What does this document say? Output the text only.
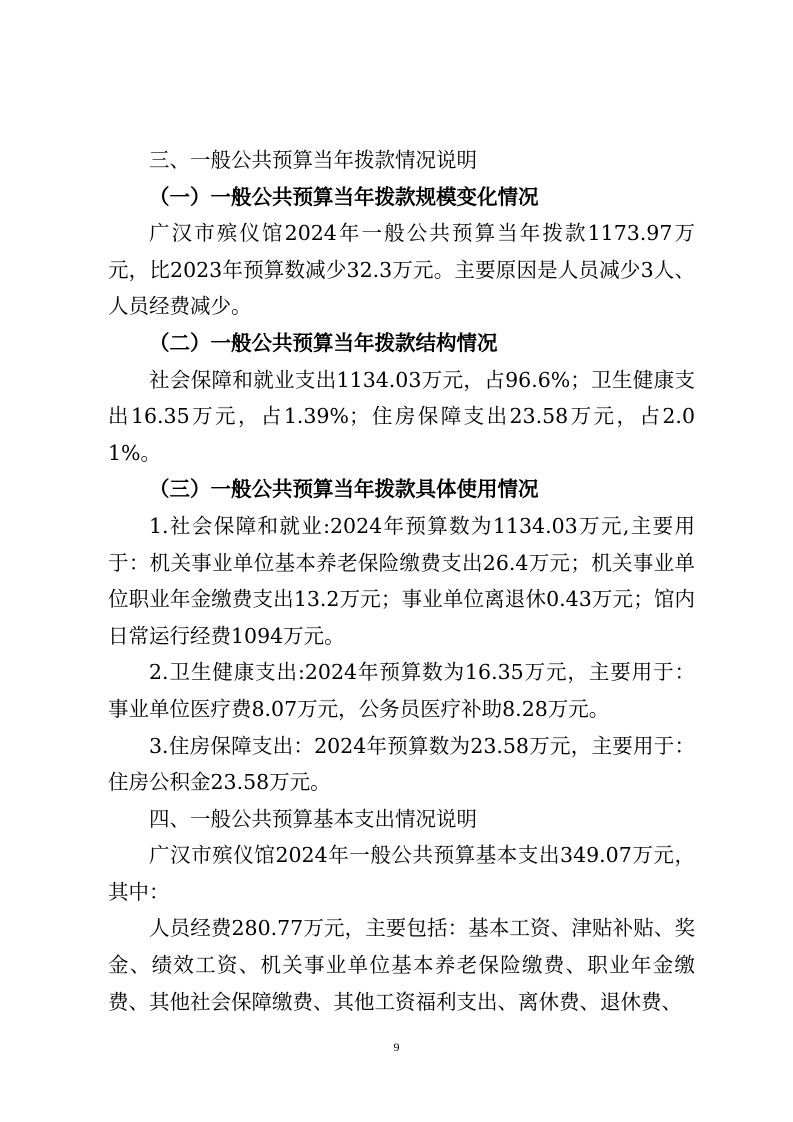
三、一般公共预算当年拨款情况说明

（一）一般公共预算当年拨款规模变化情况

广汉市殡仪馆2024年一般公共预算当年拨款1173.97万元，比2023年预算数减少32.3万元。主要原因是人员减少3人、人员经费减少。

（二）一般公共预算当年拨款结构情况

社会保障和就业支出1134.03万元，占96.6%；卫生健康支出16.35万元，占1.39%；住房保障支出23.58万元，占2.01%。

（三）一般公共预算当年拨款具体使用情况

1.社会保障和就业:2024年预算数为1134.03万元,主要用于：机关事业单位基本养老保险缴费支出26.4万元；机关事业单位职业年金缴费支出13.2万元；事业单位离退休0.43万元；馆内日常运行经费1094万元。

2.卫生健康支出:2024年预算数为16.35万元，主要用于：事业单位医疗费8.07万元，公务员医疗补助8.28万元。

3.住房保障支出：2024年预算数为23.58万元，主要用于：住房公积金23.58万元。

四、一般公共预算基本支出情况说明

广汉市殡仪馆2024年一般公共预算基本支出349.07万元，其中：

人员经费280.77万元，主要包括：基本工资、津贴补贴、奖金、绩效工资、机关事业单位基本养老保险缴费、职业年金缴费、其他社会保障缴费、其他工资福利支出、离休费、退休费、

9
